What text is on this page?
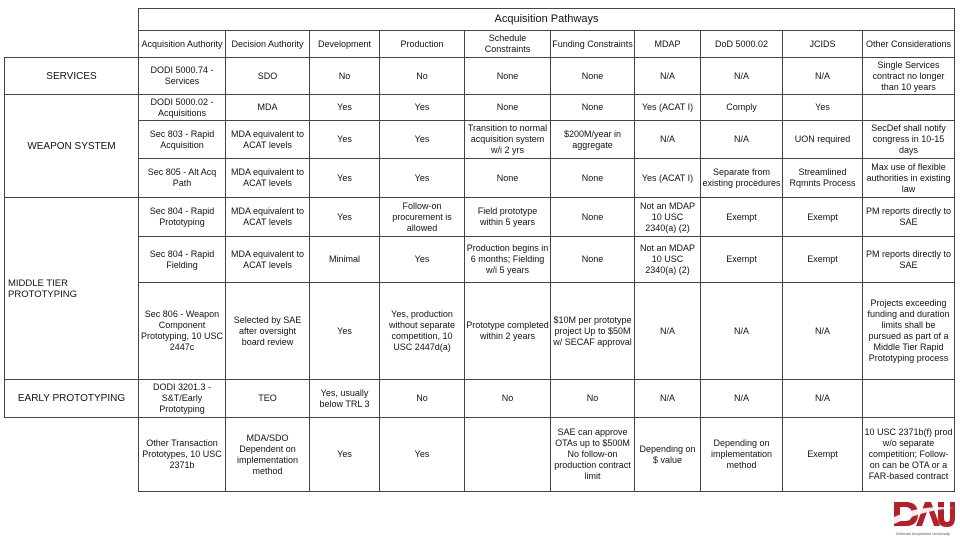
	Acquisition Pathways									
	Acquisition Authority	Decision Authority	Development	Production	Schedule Constraints	Funding Constraints	MDAP	DoD 5000.02	JCIDS	Other Considerations
SERVICES	DODI 5000.74 - Services	SDO	No	No	None	None	N/A	N/A	N/A	Single Services contract no longer than 10 years
WEAPON SYSTEM	DODI 5000.02 - Acquisitions	MDA	Yes	Yes	None	None	Yes (ACAT I)	Comply	Yes	
	Sec 803 - Rapid Acquisition	MDA equivalent to ACAT levels	Yes	Yes	Transition to normal acquisition system w/i 2 yrs	$200M/year in aggregate	N/A	N/A	UON required	SecDef shall notify congress in 10-15 days
	Sec 805 - Alt Acq Path	MDA equivalent to ACAT levels	Yes	Yes	None	None	Yes (ACAT I)	Separate from existing procedures	Streamlined Rqmnts Process	Max use of flexible authorities in existing law
MIDDLE TIER PROTOTYPING	Sec 804 - Rapid Prototyping	MDA equivalent to ACAT levels	Yes	Follow-on procurement is allowed	Field prototype within 5 years	None	Not an MDAP 10 USC 2340(a) (2)	Exempt	Exempt	PM reports directly to SAE
	Sec 804 - Rapid Fielding	MDA equivalent to ACAT levels	Minimal	Yes	Production begins in 6 months; Fielding w/i 5 years	None	Not an MDAP 10 USC 2340(a) (2)	Exempt	Exempt	PM reports directly to SAE
	Sec 806 - Weapon Component Prototyping, 10 USC 2447c	Selected by SAE after oversight board review	Yes	Yes, production without separate competition, 10 USC 2447d(a)	Prototype completed within 2 years	$10M per prototype project Up to $50M w/ SECAF approval	N/A	N/A	N/A	Projects exceeding funding and duration limits shall be pursued as part of a Middle Tier Rapid Prototyping process
EARLY PROTOTYPING	DODI 3201.3 - S&T/Early Prototyping	TEO	Yes, usually below TRL 3	No	No	No	N/A	N/A	N/A	
	Other Transaction Prototypes, 10 USC 2371b	MDA/SDO Dependent on implementation method	Yes	Yes		SAE can approve OTAs up to $500M No follow-on production contract limit	Depending on $ value	Depending on implementation method	Exempt	10 USC 2371b(f) prod w/o separate competition; Follow-on can be OTA or a FAR-based contract
Defense Acquisition University
